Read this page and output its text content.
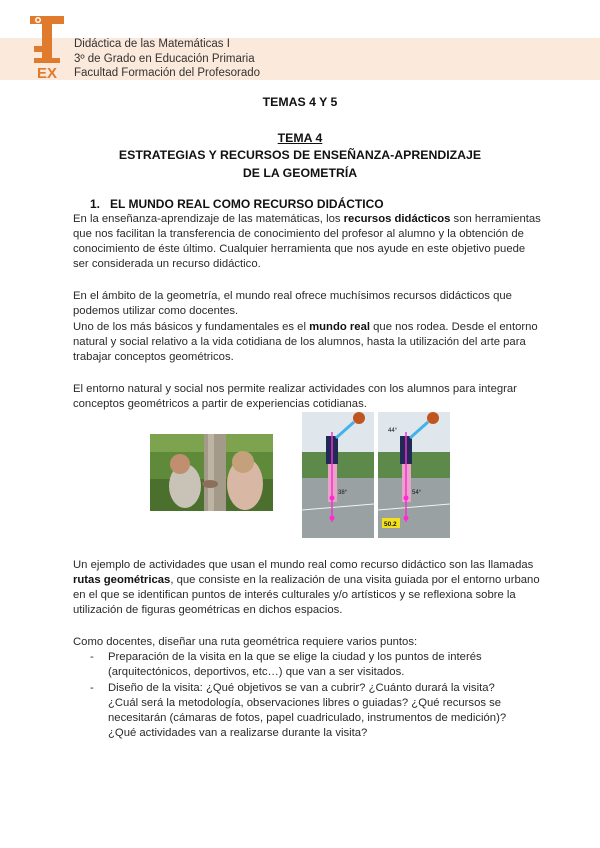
EX
Didáctica de las Matemáticas I
3º de Grado en Educación Primaria
Facultad Formación del Profesorado
TEMAS 4 Y 5
TEMA 4
ESTRATEGIAS Y RECURSOS DE ENSEÑANZA-APRENDIZAJE
DE LA GEOMETRÍA
1. EL MUNDO REAL COMO RECURSO DIDÁCTICO
En la enseñanza-aprendizaje de las matemáticas, los recursos didácticos son herramientas que nos facilitan la transferencia de conocimiento del profesor al alumno y la obtención de conocimiento de éste último. Cualquier herramienta que nos ayude en este objetivo puede ser considerada un recurso didáctico.
En el ámbito de la geometría, el mundo real ofrece muchísimos recursos didácticos que podemos utilizar como docentes.
Uno de los más básicos y fundamentales es el mundo real que nos rodea. Desde el entorno natural y social relativo a la vida cotidiana de los alumnos, hasta la utilización del arte para trabajar conceptos geométricos.
El entorno natural y social nos permite realizar actividades con los alumnos para integrar conceptos geométricos a partir de experiencias cotidianas.
44°
38°	54°
50.2
Un ejemplo de actividades que usan el mundo real como recurso didáctico son las llamadas rutas geométricas, que consiste en la realización de una visita guiada por el entorno urbano en el que se identifican puntos de interés culturales y/o artísticos y se reflexiona sobre la utilización de figuras geométricas en dichos espacios.
Como docentes, diseñar una ruta geométrica requiere varios puntos:
- Preparación de la visita en la que se elige la ciudad y los puntos de interés (arquitectónicos, deportivos, etc…) que van a ser visitados.
- Diseño de la visita: ¿Qué objetivos se van a cubrir? ¿Cuánto durará la visita? ¿Cuál será la metodología, observaciones libres o guiadas? ¿Qué recursos se necesitarán (cámaras de fotos, papel cuadriculado, instrumentos de medición)? ¿Qué actividades van a realizarse durante la visita?
